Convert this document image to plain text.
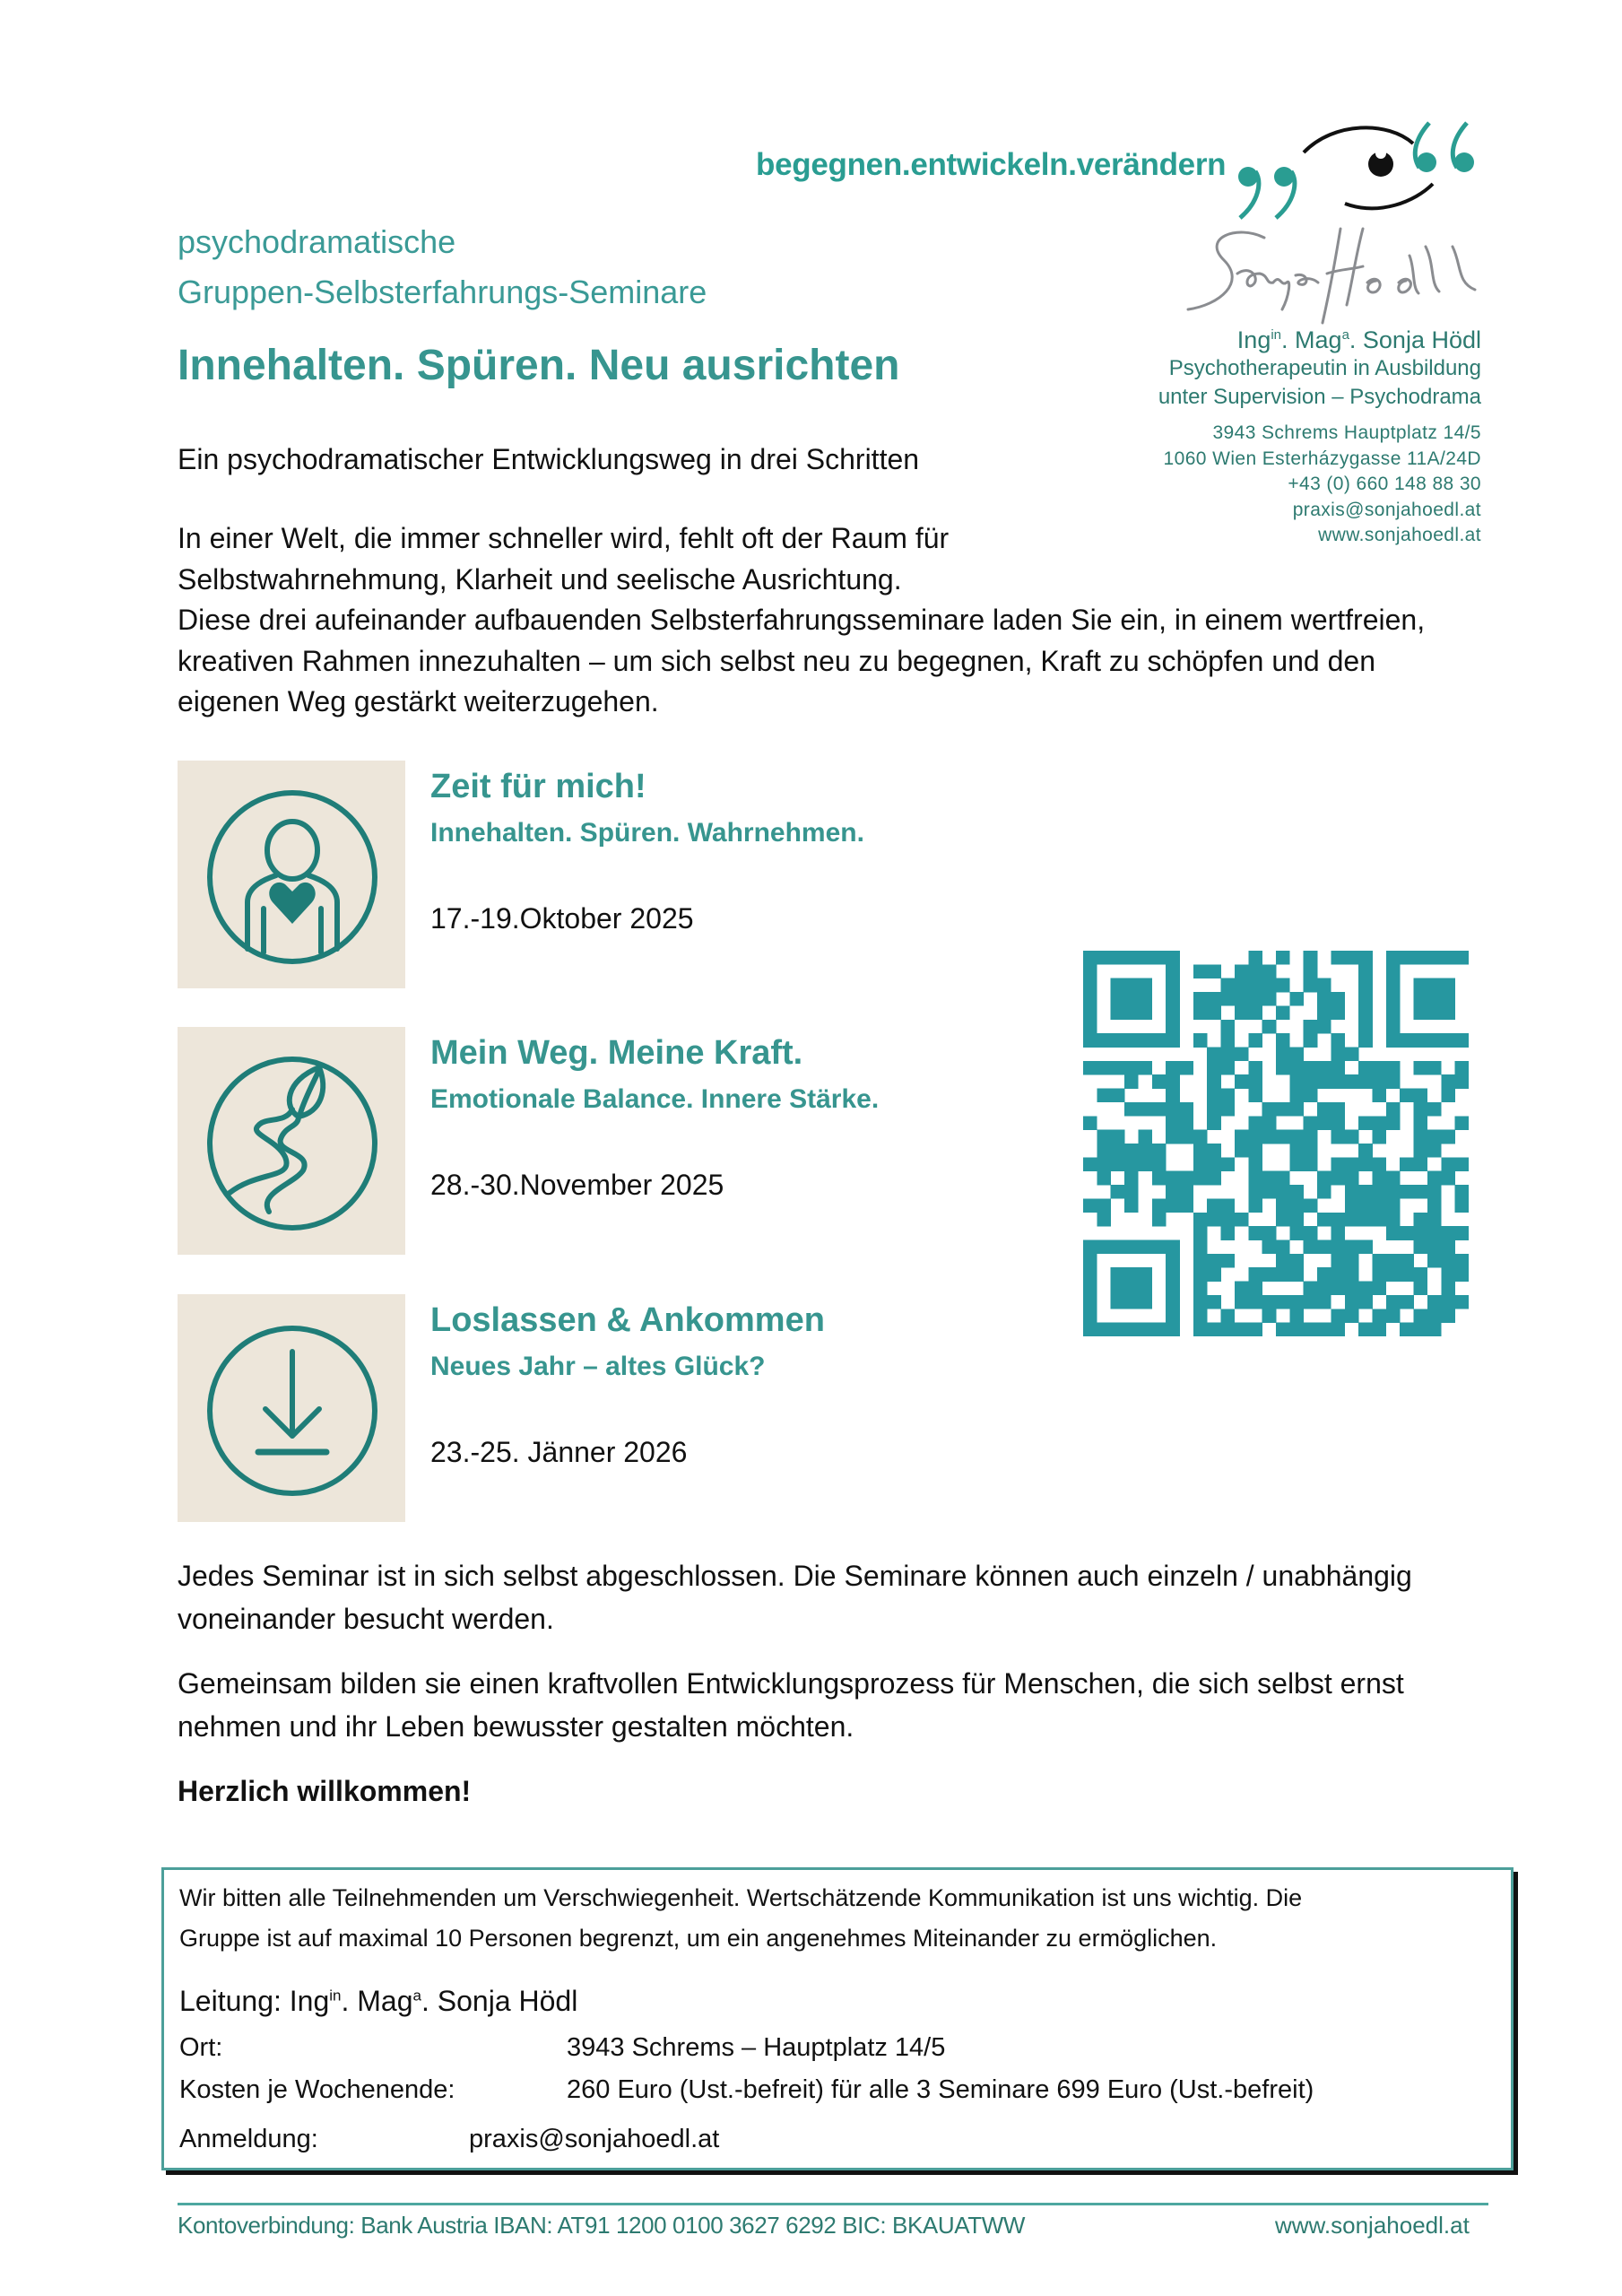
begegnen.entwickeln.verändern
Ing$^{in}$. Mag$^a$. Sonja Hödl
Psychotherapeutin in Ausbildung
unter Supervision – Psychodrama
3943 Schrems Hauptplatz 14/5
1060 Wien Esterházygasse 11A/24D
+43 (0) 660 148 88 30
praxis@sonjahoedl.at
www.sonjahoedl.at
psychodramatische
Gruppen-Selbsterfahrungs-Seminare
Innehalten. Spüren. Neu ausrichten
Ein psychodramatischer Entwicklungsweg in drei Schritten
In einer Welt, die immer schneller wird, fehlt oft der Raum für
Selbstwahrnehmung, Klarheit und seelische Ausrichtung.
Diese drei aufeinander aufbauenden Selbsterfahrungsseminare laden Sie ein, in einem wertfreien,
kreativen Rahmen innezuhalten – um sich selbst neu zu begegnen, Kraft zu schöpfen und den
eigenen Weg gestärkt weiterzugehen.
Zeit für mich!
Innehalten. Spüren. Wahrnehmen.
17.-19.Oktober 2025
Mein Weg. Meine Kraft.
Emotionale Balance. Innere Stärke.
28.-30.November 2025
Loslassen & Ankommen
Neues Jahr – altes Glück?
23.-25. Jänner 2026
Jedes Seminar ist in sich selbst abgeschlossen. Die Seminare können auch einzeln / unabhängig
voneinander besucht werden.
Gemeinsam bilden sie einen kraftvollen Entwicklungsprozess für Menschen, die sich selbst ernst
nehmen und ihr Leben bewusster gestalten möchten.
Herzlich willkommen!
Wir bitten alle Teilnehmenden um Verschwiegenheit. Wertschätzende Kommunikation ist uns wichtig. Die
Gruppe ist auf maximal 10 Personen begrenzt, um ein angenehmes Miteinander zu ermöglichen.
Leitung: Ing$^{in}$. Mag$^a$. Sonja Hödl
Ort:	3943 Schrems – Hauptplatz 14/5
Kosten je Wochenende:	260 Euro (Ust.-befreit) für alle 3 Seminare 699 Euro (Ust.-befreit)
Anmeldung:	praxis@sonjahoedl.at
Kontoverbindung: Bank Austria IBAN: AT91 1200 0100 3627 6292 BIC: BKAUATWW	www.sonjahoedl.at
